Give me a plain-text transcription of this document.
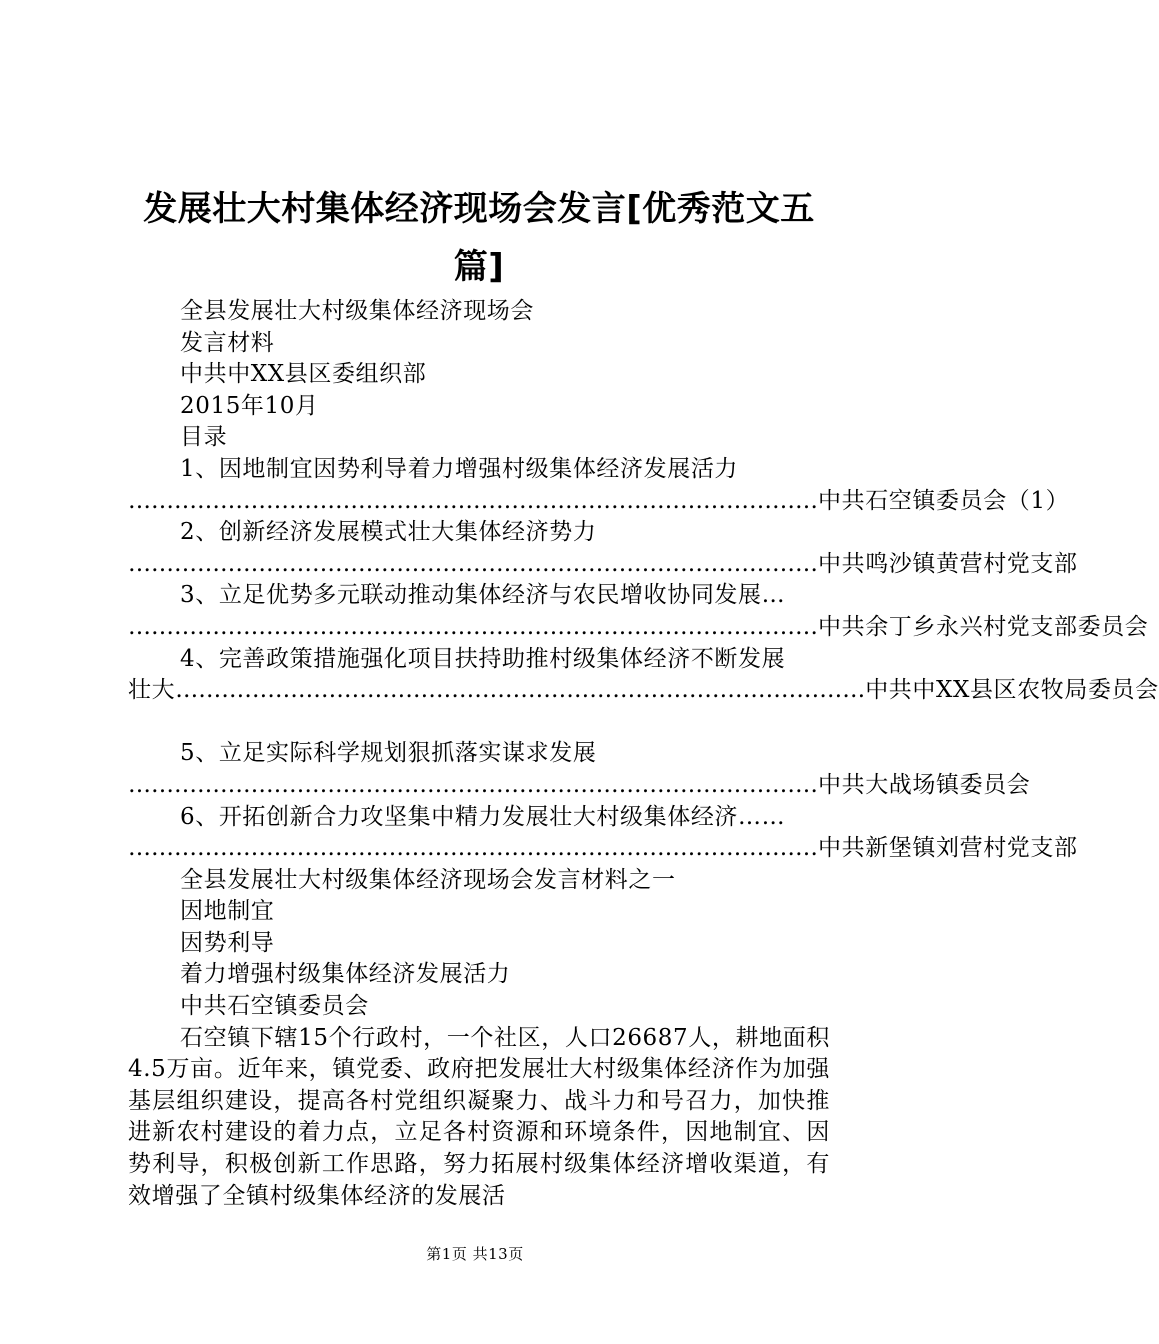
发展壮大村集体经济现场会发言[优秀范文五篇]
全县发展壮大村级集体经济现场会
发言材料
中共中XX县区委组织部
2015年10月
目录
1、因地制宜因势利导着力增强村级集体经济发展活力
……………………………………………………………………………… 中共石空镇委员会（1）
2、创新经济发展模式壮大集体经济势力
……………………………………………………………………………… 中共鸣沙镇黄营村党支部
3、立足优势多元联动推动集体经济与农民增收协同发展…
……………………………………………………………………………… 中共余丁乡永兴村党支部委员会
4、完善政策措施强化项目扶持助推村级集体经济不断发展
壮大 ……………………………………………………………………………… 中共中XX县区农牧局委员会
5、立足实际科学规划狠抓落实谋求发展
……………………………………………………………………………… 中共大战场镇委员会
6、开拓创新合力攻坚集中精力发展壮大村级集体经济……
……………………………………………………………………………… 中共新堡镇刘营村党支部
全县发展壮大村级集体经济现场会发言材料之一
因地制宜
因势利导
着力增强村级集体经济发展活力
中共石空镇委员会
石空镇下辖15个行政村，一个社区，人口26687人，耕地面积4.5万亩。近年来，镇党委、政府把发展壮大村级集体经济作为加强基层组织建设，提高各村党组织凝聚力、战斗力和号召力，加快推进新农村建设的着力点，立足各村资源和环境条件，因地制宜、因势利导，积极创新工作思路，努力拓展村级集体经济增收渠道，有效增强了全镇村级集体经济的发展活
第1页 共13页
